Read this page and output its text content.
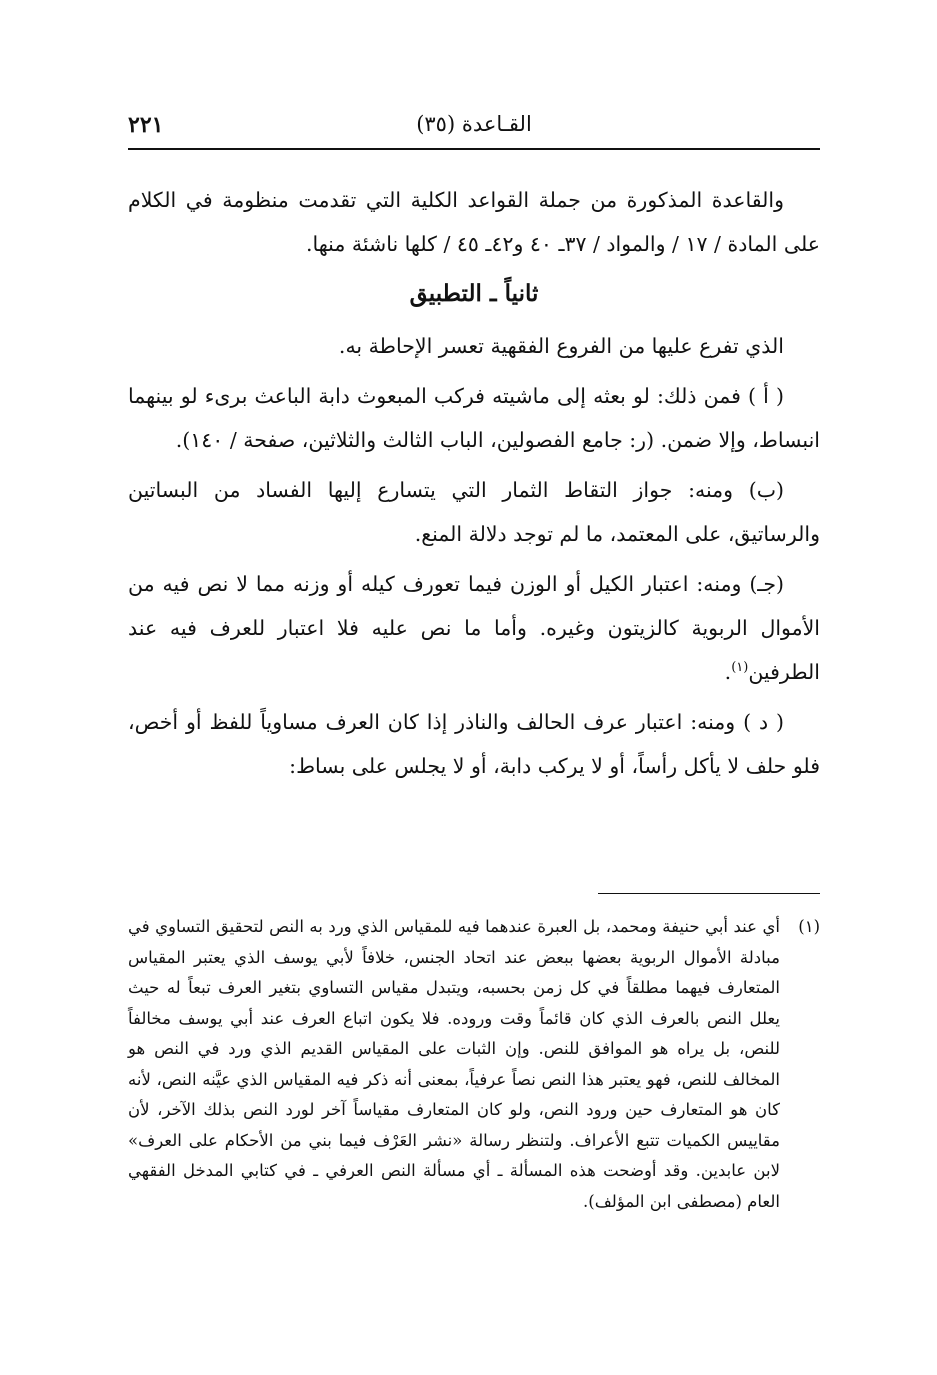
القـاعدة (٣٥)
٢٢١

والقاعدة المذكورة من جملة القواعد الكلية التي تقدمت منظومة في الكلام على المادة / ١٧ / والمواد / ٣٧ـ ٤٠ و٤٢ـ ٤٥ / كلها ناشئة منها.

ثانياً ـ التطبيق

الذي تفرع عليها من الفروع الفقهية تعسر الإحاطة به.

( أ ) فمن ذلك: لو بعثه إلى ماشيته فركب المبعوث دابة الباعث برىء لو بينهما انبساط، وإلا ضمن. (ر: جامع الفصولين، الباب الثالث والثلاثين، صفحة / ١٤٠).

(ب) ومنه: جواز التقاط الثمار التي يتسارع إليها الفساد من البساتين والرساتيق، على المعتمد، ما لم توجد دلالة المنع.

(جـ) ومنه: اعتبار الكيل أو الوزن فيما تعورف كيله أو وزنه مما لا نص فيه من الأموال الربوية كالزيتون وغيره. وأما ما نص عليه فلا اعتبار للعرف فيه عند الطرفين$^{(١)}$.

( د ) ومنه: اعتبار عرف الحالف والناذر إذا كان العرف مساوياً للفظ أو أخص، فلو حلف لا يأكل رأساً، أو لا يركب دابة، أو لا يجلس على بساط:

(١)
أي عند أبي حنيفة ومحمد، بل العبرة عندهما فيه للمقياس الذي ورد به النص لتحقيق التساوي في مبادلة الأموال الربوية بعضها ببعض عند اتحاد الجنس، خلافاً لأبي يوسف الذي يعتبر المقياس المتعارف فيهما مطلقاً في كل زمن بحسبه، ويتبدل مقياس التساوي بتغير العرف تبعاً له حيث يعلل النص بالعرف الذي كان قائماً وقت وروده. فلا يكون اتباع العرف عند أبي يوسف مخالفاً للنص، بل يراه هو الموافق للنص. وإن الثبات على المقياس القديم الذي ورد في النص هو المخالف للنص، فهو يعتبر هذا النص نصاً عرفياً، بمعنى أنه ذكر فيه المقياس الذي عيَّنه النص، لأنه كان هو المتعارف حين ورود النص، ولو كان المتعارف مقياساً آخر لورد النص بذلك الآخر، لأن مقاييس الكميات تتبع الأعراف. ولتنظر رسالة «نشر العَرْف فيما بني من الأحكام على العرف» لابن عابدين. وقد أوضحت هذه المسألة ـ أي مسألة النص العرفي ـ في كتابي المدخل الفقهي العام (مصطفى ابن المؤلف).
